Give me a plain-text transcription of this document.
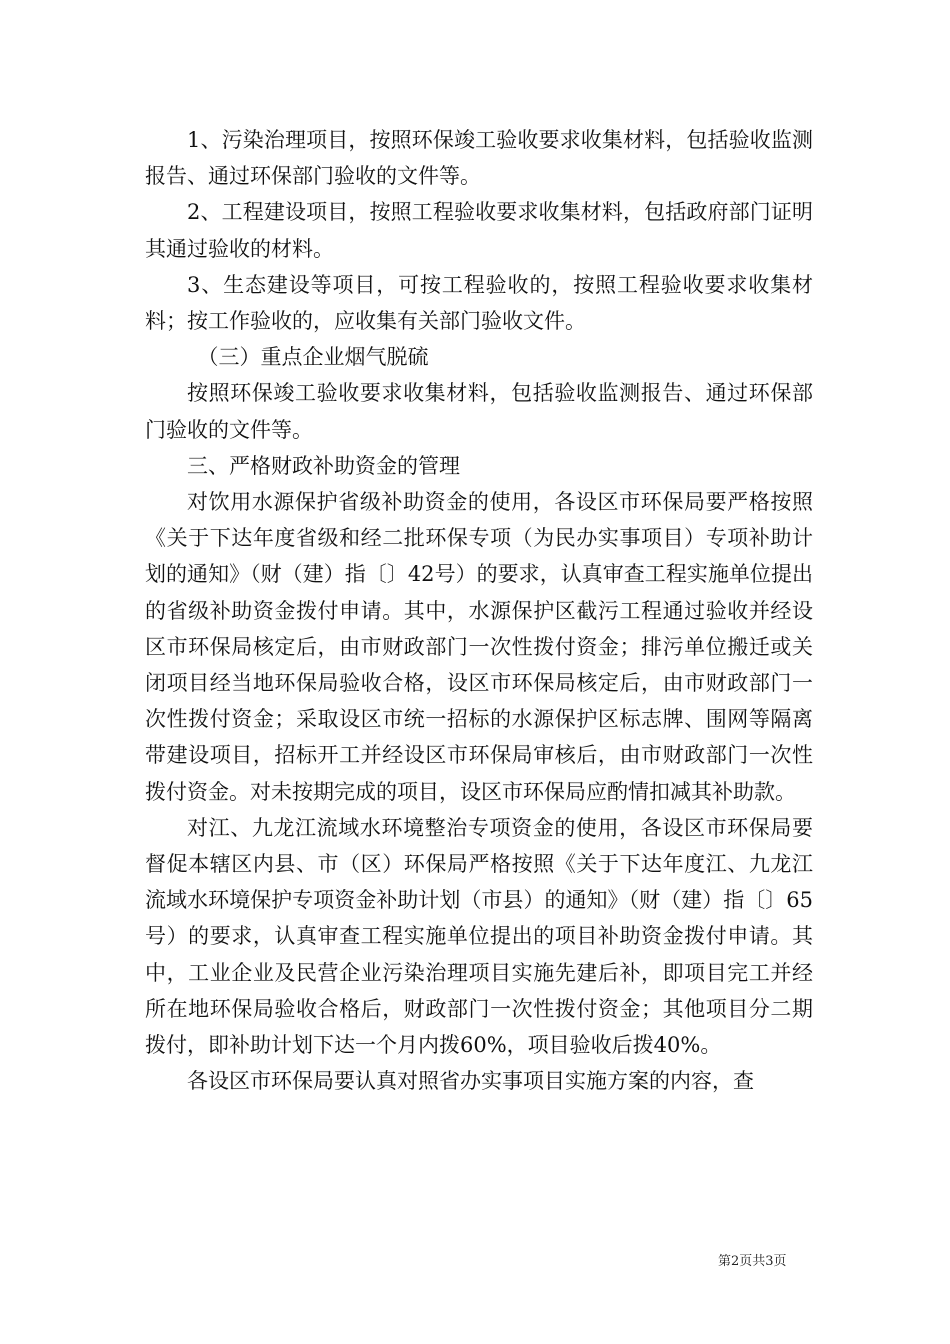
1、污染治理项目，按照环保竣工验收要求收集材料，包括验收监测报告、通过环保部门验收的文件等。

2、工程建设项目，按照工程验收要求收集材料，包括政府部门证明其通过验收的材料。

3、生态建设等项目，可按工程验收的，按照工程验收要求收集材料；按工作验收的，应收集有关部门验收文件。

（三）重点企业烟气脱硫

按照环保竣工验收要求收集材料，包括验收监测报告、通过环保部门验收的文件等。

三、严格财政补助资金的管理

对饮用水源保护省级补助资金的使用，各设区市环保局要严格按照《关于下达年度省级和经二批环保专项（为民办实事项目）专项补助计划的通知》（财（建）指〔〕42号）的要求，认真审查工程实施单位提出的省级补助资金拨付申请。其中，水源保护区截污工程通过验收并经设区市环保局核定后，由市财政部门一次性拨付资金；排污单位搬迁或关闭项目经当地环保局验收合格，设区市环保局核定后，由市财政部门一次性拨付资金；采取设区市统一招标的水源保护区标志牌、围网等隔离带建设项目，招标开工并经设区市环保局审核后，由市财政部门一次性拨付资金。对未按期完成的项目，设区市环保局应酌情扣减其补助款。

对江、九龙江流域水环境整治专项资金的使用，各设区市环保局要督促本辖区内县、市（区）环保局严格按照《关于下达年度江、九龙江流域水环境保护专项资金补助计划（市县）的通知》（财（建）指〔〕65号）的要求，认真审查工程实施单位提出的项目补助资金拨付申请。其中，工业企业及民营企业污染治理项目实施先建后补，即项目完工并经所在地环保局验收合格后，财政部门一次性拨付资金；其他项目分二期拨付，即补助计划下达一个月内拨60%，项目验收后拨40%。

各设区市环保局要认真对照省办实事项目实施方案的内容，查

第2页共3页
